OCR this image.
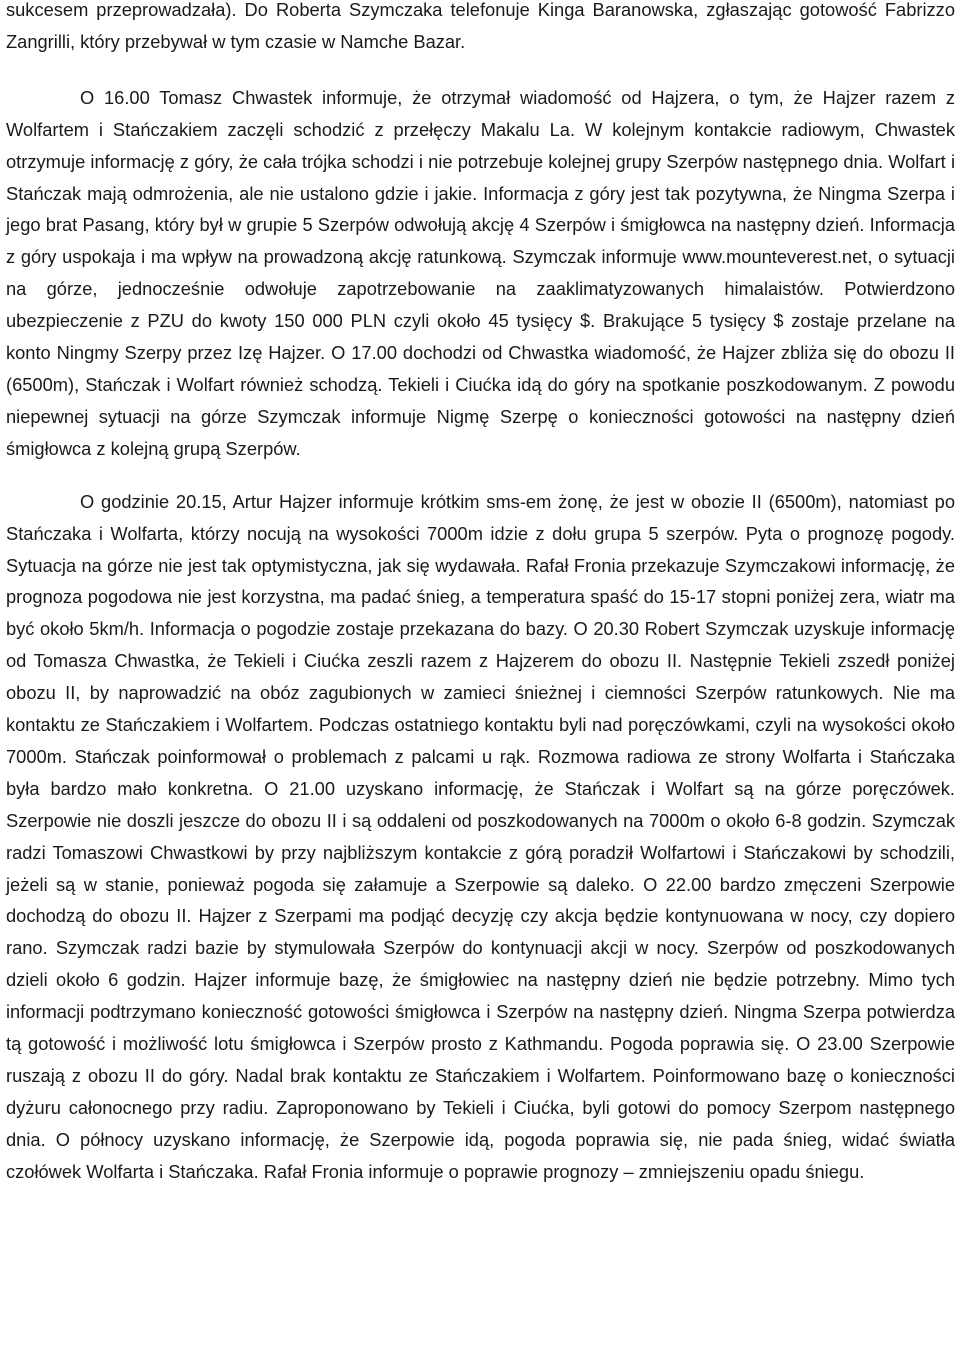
sukcesem przeprowadzała). Do Roberta Szymczaka telefonuje Kinga Baranowska, zgłaszając gotowość Fabrizzo Zangrilli, który przebywał w tym czasie w Namche Bazar.

O 16.00 Tomasz Chwastek informuje, że otrzymał wiadomość od Hajzera, o tym, że Hajzer razem z Wolfartem i Stańczakiem zaczęli schodzić z przełęczy Makalu La. W kolejnym kontakcie radiowym, Chwastek otrzymuje informację z góry, że cała trójka schodzi i nie potrzebuje kolejnej grupy Szerpów następnego dnia. Wolfart i Stańczak mają odmrożenia, ale nie ustalono gdzie i jakie. Informacja z góry jest tak pozytywna, że Ningma Szerpa i jego brat Pasang, który był w grupie 5 Szerpów odwołują akcję 4 Szerpów i śmigłowca na następny dzień. Informacja z góry uspokaja i ma wpływ na prowadzoną akcję ratunkową. Szymczak informuje www.mounteverest.net, o sytuacji na górze, jednocześnie odwołuje zapotrzebowanie na zaaklimatyzowanych himalaistów. Potwierdzono ubezpieczenie z PZU do kwoty 150 000 PLN czyli około 45 tysięcy $. Brakujące 5 tysięcy $ zostaje przelane na konto Ningmy Szerpy przez Izę Hajzer. O 17.00 dochodzi od Chwastka wiadomość, że Hajzer zbliża się do obozu II (6500m), Stańczak i Wolfart również schodzą. Tekieli i Ciućka idą do góry na spotkanie poszkodowanym. Z powodu niepewnej sytuacji na górze Szymczak informuje Nigmę Szerpę o konieczności gotowości na następny dzień śmigłowca z kolejną grupą Szerpów.

O godzinie 20.15, Artur Hajzer informuje krótkim sms-em żonę, że jest w obozie II (6500m), natomiast po Stańczaka i Wolfarta, którzy nocują na wysokości 7000m idzie z dołu grupa 5 szerpów. Pyta o prognozę pogody. Sytuacja na górze nie jest tak optymistyczna, jak się wydawała. Rafał Fronia przekazuje Szymczakowi informację, że prognoza pogodowa nie jest korzystna, ma padać śnieg, a temperatura spaść do 15-17 stopni poniżej zera, wiatr ma być około 5km/h. Informacja o pogodzie zostaje przekazana do bazy. O 20.30 Robert Szymczak uzyskuje informację od Tomasza Chwastka, że Tekieli i Ciućka zeszli razem z Hajzerem do obozu II. Następnie Tekieli zszedł poniżej obozu II, by naprowadzić na obóz zagubionych w zamieci śnieżnej i ciemności Szerpów ratunkowych. Nie ma kontaktu ze Stańczakiem i Wolfartem. Podczas ostatniego kontaktu byli nad poręczówkami, czyli na wysokości około 7000m. Stańczak poinformował o problemach z palcami u rąk. Rozmowa radiowa ze strony Wolfarta i Stańczaka była bardzo mało konkretna. O 21.00 uzyskano informację, że Stańczak i Wolfart są na górze poręczówek. Szerpowie nie doszli jeszcze do obozu II i są oddaleni od poszkodowanych na 7000m o około 6-8 godzin. Szymczak radzi Tomaszowi Chwastkowi by przy najbliższym kontakcie z górą poradził Wolfartowi i Stańczakowi by schodzili, jeżeli są w stanie, ponieważ pogoda się załamuje a Szerpowie są daleko. O 22.00 bardzo zmęczeni Szerpowie dochodzą do obozu II. Hajzer z Szerpami ma podjąć decyzję czy akcja będzie kontynuowana w nocy, czy dopiero rano. Szymczak radzi bazie by stymulowała Szerpów do kontynuacji akcji w nocy. Szerpów od poszkodowanych dzieli około 6 godzin. Hajzer informuje bazę, że śmigłowiec na następny dzień nie będzie potrzebny. Mimo tych informacji podtrzymano konieczność gotowości śmigłowca i Szerpów na następny dzień. Ningma Szerpa potwierdza tą gotowość i możliwość lotu śmigłowca i Szerpów prosto z Kathmandu. Pogoda poprawia się. O 23.00 Szerpowie ruszają z obozu II do góry. Nadal brak kontaktu ze Stańczakiem i Wolfartem. Poinformowano bazę o konieczności dyżuru całonocnego przy radiu. Zaproponowano by Tekieli i Ciućka, byli gotowi do pomocy Szerpom następnego dnia. O północy uzyskano informację, że Szerpowie idą, pogoda poprawia się, nie pada śnieg, widać światła czołówek Wolfarta i Stańczaka. Rafał Fronia informuje o poprawie prognozy – zmniejszeniu opadu śniegu.
